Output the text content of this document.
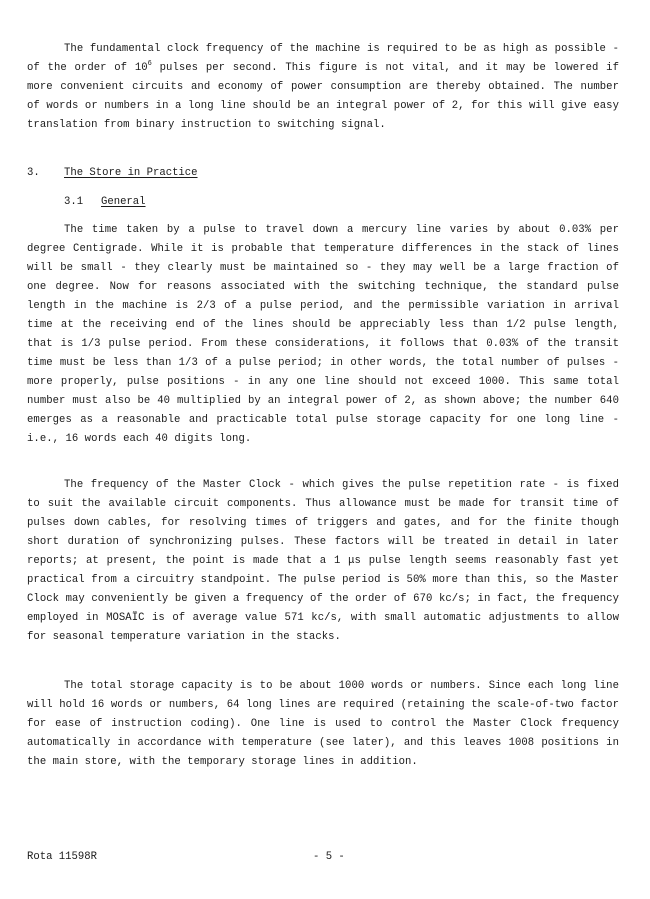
The fundamental clock frequency of the machine is required to be as high as possible - of the order of $10^6$ pulses per second. This figure is not vital, and it may be lowered if more convenient circuits and economy of power consumption are thereby obtained. The number of words or numbers in a long line should be an integral power of 2, for this will give easy translation from binary instruction to switching signal.

3. The Store in Practice
3.1 General

The time taken by a pulse to travel down a mercury line varies by about 0.03% per degree Centigrade. While it is probable that temperature differences in the stack of lines will be small - they clearly must be maintained so - they may well be a large fraction of one degree. Now for reasons associated with the switching technique, the standard pulse length in the machine is 2/3 of a pulse period, and the permissible variation in arrival time at the receiving end of the lines should be appreciably less than 1/2 pulse length, that is 1/3 pulse period. From these considerations, it follows that 0.03% of the transit time must be less than 1/3 of a pulse period; in other words, the total number of pulses - more properly, pulse positions - in any one line should not exceed 1000. This same total number must also be 40 multiplied by an integral power of 2, as shown above; the number 640 emerges as a reasonable and practicable total pulse storage capacity for one long line - i.e., 16 words each 40 digits long.

The frequency of the Master Clock - which gives the pulse repetition rate - is fixed to suit the available circuit components. Thus allowance must be made for transit time of pulses down cables, for resolving times of triggers and gates, and for the finite though short duration of synchronizing pulses. These factors will be treated in detail in later reports; at present, the point is made that a 1 μs pulse length seems reasonably fast yet practical from a circuitry standpoint. The pulse period is 50% more than this, so the Master Clock may conveniently be given a frequency of the order of 670 kc/s; in fact, the frequency employed in MOSAÏC is of average value 571 kc/s, with small automatic adjustments to allow for seasonal temperature variation in the stacks.

The total storage capacity is to be about 1000 words or numbers. Since each long line will hold 16 words or numbers, 64 long lines are required (retaining the scale-of-two factor for ease of instruction coding). One line is used to control the Master Clock frequency automatically in accordance with temperature (see later), and this leaves 1008 positions in the main store, with the temporary storage lines in addition.

Rota 11598R	- 5 -
